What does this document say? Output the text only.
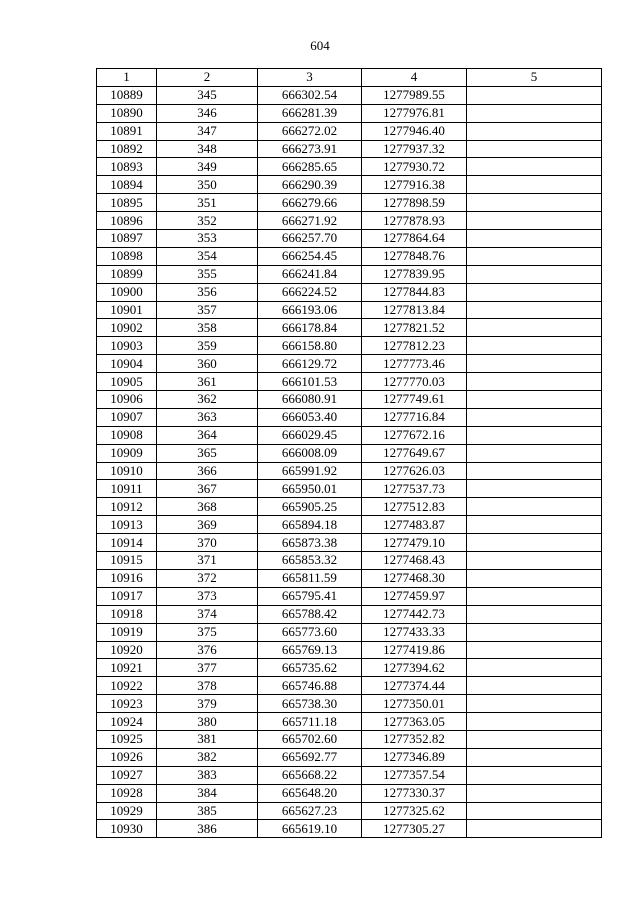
604
1	2	3	4	5
10889	345	666302.54	1277989.55	
10890	346	666281.39	1277976.81	
10891	347	666272.02	1277946.40	
10892	348	666273.91	1277937.32	
10893	349	666285.65	1277930.72	
10894	350	666290.39	1277916.38	
10895	351	666279.66	1277898.59	
10896	352	666271.92	1277878.93	
10897	353	666257.70	1277864.64	
10898	354	666254.45	1277848.76	
10899	355	666241.84	1277839.95	
10900	356	666224.52	1277844.83	
10901	357	666193.06	1277813.84	
10902	358	666178.84	1277821.52	
10903	359	666158.80	1277812.23	
10904	360	666129.72	1277773.46	
10905	361	666101.53	1277770.03	
10906	362	666080.91	1277749.61	
10907	363	666053.40	1277716.84	
10908	364	666029.45	1277672.16	
10909	365	666008.09	1277649.67	
10910	366	665991.92	1277626.03	
10911	367	665950.01	1277537.73	
10912	368	665905.25	1277512.83	
10913	369	665894.18	1277483.87	
10914	370	665873.38	1277479.10	
10915	371	665853.32	1277468.43	
10916	372	665811.59	1277468.30	
10917	373	665795.41	1277459.97	
10918	374	665788.42	1277442.73	
10919	375	665773.60	1277433.33	
10920	376	665769.13	1277419.86	
10921	377	665735.62	1277394.62	
10922	378	665746.88	1277374.44	
10923	379	665738.30	1277350.01	
10924	380	665711.18	1277363.05	
10925	381	665702.60	1277352.82	
10926	382	665692.77	1277346.89	
10927	383	665668.22	1277357.54	
10928	384	665648.20	1277330.37	
10929	385	665627.23	1277325.62	
10930	386	665619.10	1277305.27	
